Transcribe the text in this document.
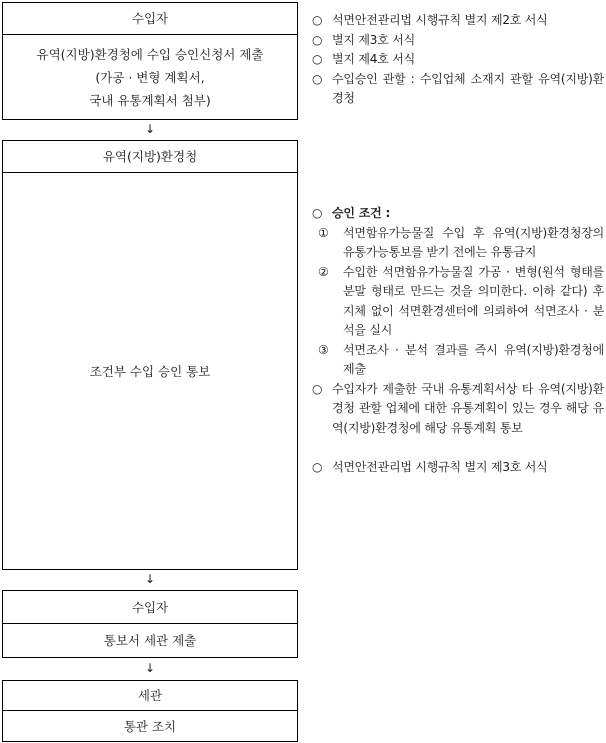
수입자
유역(지방)환경청에 수입 승인신청서 제출
(가공 · 변형 계획서,
국내 유통계획서 첨부)
↓
유역(지방)환경청
조건부 수입 승인 통보
↓
수입자
통보서 세관 제출
↓
세관
통관 조치
○ 석면안전관리법 시행규칙 별지 제2호 서식
○ 별지 제3호 서식
○ 별지 제4호 서식
○ 수입승인 관할 : 수입업체 소재지 관할 유역(지방)환경청
○ 승인 조건 :
①	석면함유가능물질 수입 후 유역(지방)환경청장의 유통가능통보를 받기 전에는 유통금지
②	수입한 석면함유가능물질 가공 · 변형(원석 형태를 분말 형태로 만드는 것을 의미한다. 이하 같다) 후 지체 없이 석면환경센터에 의뢰하여 석면조사 · 분석을 실시
③	석면조사 · 분석 결과를 즉시 유역(지방)환경청에 제출
○ 수입자가 제출한 국내 유통계획서상 타 유역(지방)환경청 관할 업체에 대한 유통계획이 있는 경우 해당 유역(지방)환경청에 해당 유통계획 통보
○ 석면안전관리법 시행규칙 별지 제3호 서식
